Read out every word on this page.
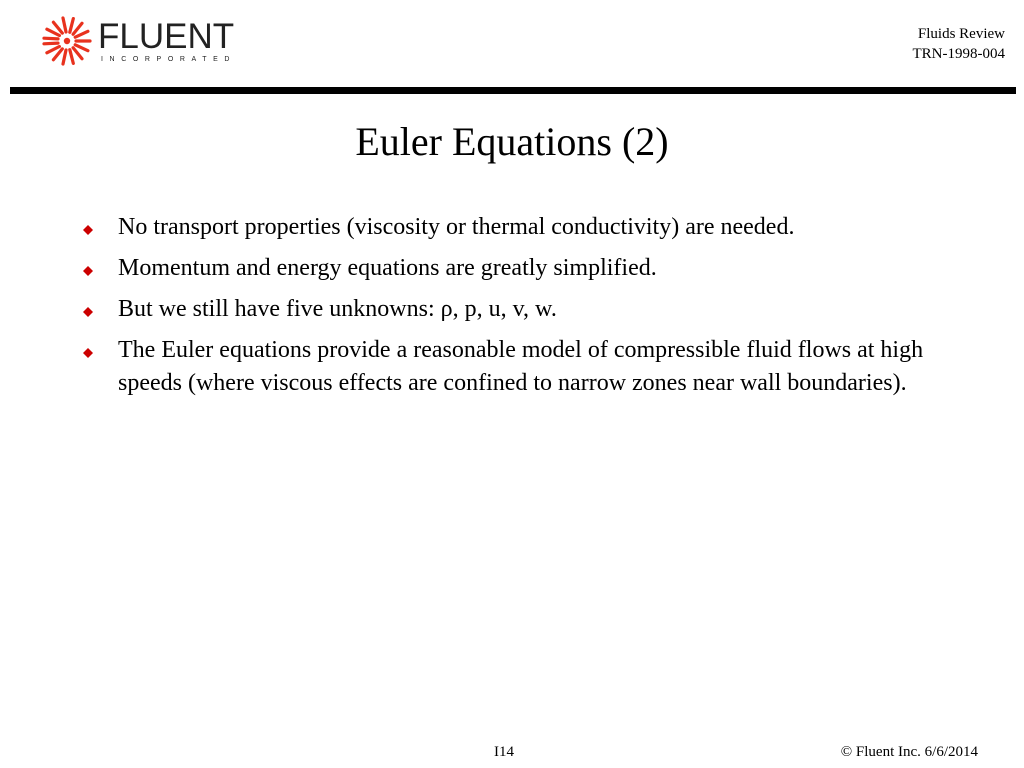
FLUENT
INCORPORATED
Fluids Review
TRN-1998-004
Euler Equations (2)
No transport properties (viscosity or thermal conductivity) are needed.
Momentum and energy equations are greatly simplified.
But we still have five unknowns: ρ, p, u, v, w.
The Euler equations provide a reasonable model of compressible fluid flows at high speeds (where viscous effects are confined to narrow zones near wall boundaries).
I14	© Fluent Inc. 6/6/2014
